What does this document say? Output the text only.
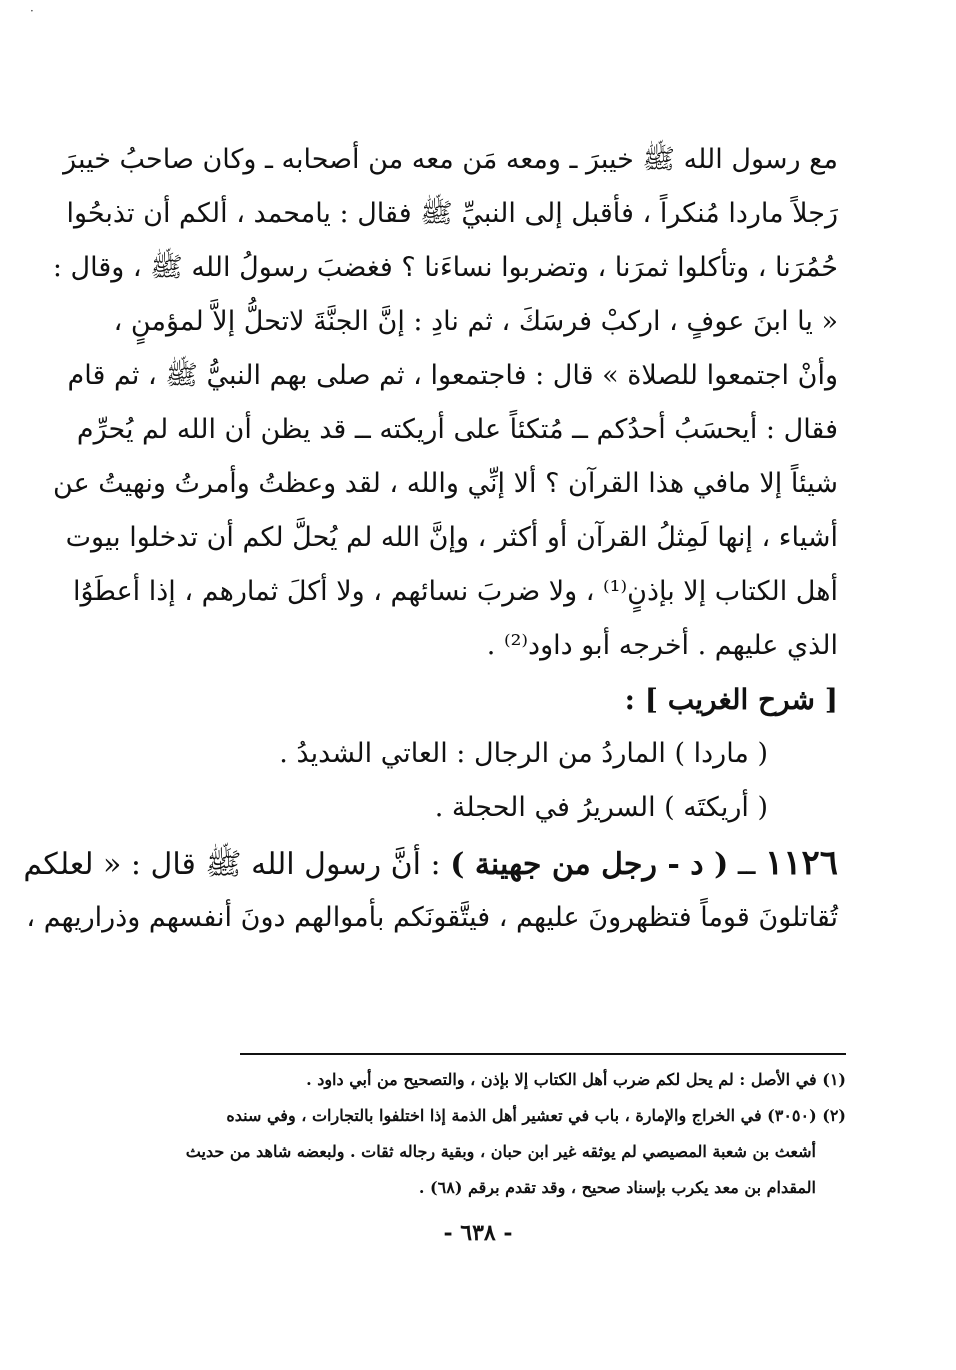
·
مع رسول الله ﷺ خيبرَ ـ ومعه مَن معه من أصحابه ـ وكان صاحبُ خيبرَ
رَجلاً ماردا مُنكراً ، فأقبل إلى النبيِّ ﷺ فقال : يامحمد ، ألكم أن تذبحُوا
حُمُرَنا ، وتأكلوا ثمرَنا ، وتضربوا نساءَنا ؟ فغضبَ رسولُ الله ﷺ ، وقال :
« يا ابنَ عوفٍ ، اركبْ فرسَكَ ، ثم نادِ : إنَّ الجنَّةَ لاتحلُّ إلاَّ لمؤمنٍ ،
وأنْ اجتمعوا للصلاة » قال : فاجتمعوا ، ثم صلى بهم النبيُّ ﷺ ، ثم قام
فقال : أيحسَبُ أحدُكم ــ مُتكئاً على أريكته ــ قد يظن أن الله لم يُحرِّم
شيئاً إلا مافي هذا القرآن ؟ ألا إنِّي والله ، لقد وعظتُ وأمرتُ ونهيتُ عن
أشياء ، إنها لَمِثلُ القرآن أو أكثر ، وإنَّ الله لم يُحلَّ لكم أن تدخلوا بيوت
أهل الكتاب إلا بإذنٍ⁽¹⁾ ، ولا ضربَ نسائهم ، ولا أكلَ ثمارهم ، إذا أعطَوُا
الذي عليهم . أخرجه أبو داود⁽²⁾ .
[ شرح الغريب ] :
( ماردا ) الماردُ من الرجال : العاتي الشديدُ .
( أريكتَه ) السريرُ في الحجلة .
١١٢٦ ــ ( د - رجل من جهينة ) : أنَّ رسول الله ﷺ قال : « لعلكم
تُقاتلونَ قوماً فتظهرونَ عليهم ، فيتَّقونَكم بأموالهم دونَ أنفسهم وذراريهم ،
(١) في الأصل : لم يحل لكم ضرب أهل الكتاب إلا بإذن ، والتصحيح من أبي داود .
(٢) (٣٠٥٠) في الخراج والإمارة ، باب في تعشير أهل الذمة إذا اختلفوا بالتجارات ، وفي سنده
أشعث بن شعبة المصيصي لم يوثقه غير ابن حبان ، وبقية رجاله ثقات . ولبعضه شاهد من حديث
المقدام بن معد يكرب بإسناد صحيح ، وقد تقدم برقم (٦٨) .
- ٦٣٨ -
